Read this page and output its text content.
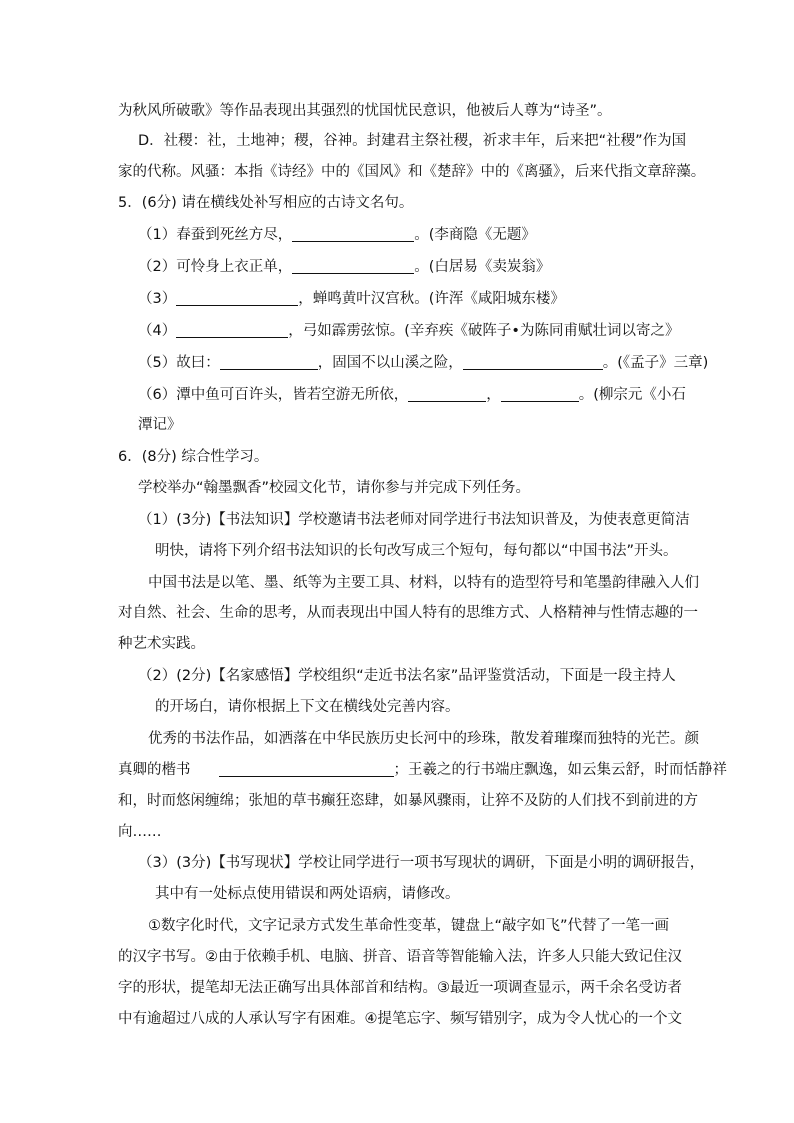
为秋风所破歌》等作品表现出其强烈的忧国忧民意识，他被后人尊为“诗圣”。
D．社稷：社，土地神；稷，谷神。封建君主祭社稷，祈求丰年，后来把“社稷”作为国
家的代称。风骚：本指《诗经》中的《国风》和《楚辞》中的《离骚》，后来代指文章辞藻。
5．(6分) 请在横线处补写相应的古诗文名句。
（1）春蚕到死丝方尽，	。(李商隐《无题》
（2）可怜身上衣正单，	。(白居易《卖炭翁》
（3）	，蝉鸣黄叶汉宫秋。(许浑《咸阳城东楼》
（4）	，弓如霹雳弦惊。(辛弃疾《破阵子•为陈同甫赋壮词以寄之》
（5）故曰：	，固国不以山溪之险，	。(《孟子》三章)
（6）潭中鱼可百许头，皆若空游无所依，	，	。(柳宗元《小石
潭记》
6．(8分) 综合性学习。
学校举办“翰墨飘香”校园文化节，请你参与并完成下列任务。
（1）(3分)【书法知识】学校邀请书法老师对同学进行书法知识普及，为使表意更简洁
明快，请将下列介绍书法知识的长句改写成三个短句，每句都以“中国书法”开头。
中国书法是以笔、墨、纸等为主要工具、材料，以特有的造型符号和笔墨韵律融入人们
对自然、社会、生命的思考，从而表现出中国人特有的思维方式、人格精神与性情志趣的一
种艺术实践。
（2）(2分)【名家感悟】学校组织“走近书法名家”品评鉴赏活动，下面是一段主持人
的开场白，请你根据上下文在横线处完善内容。
优秀的书法作品，如洒落在中华民族历史长河中的珍珠，散发着璀璨而独特的光芒。颜
真卿的楷书	；王羲之的行书端庄飘逸，如云集云舒，时而恬静祥
和，时而悠闲缠绵；张旭的草书癫狂恣肆，如暴风骤雨，让猝不及防的人们找不到前进的方
向……
（3）(3分)【书写现状】学校让同学进行一项书写现状的调研，下面是小明的调研报告，
其中有一处标点使用错误和两处语病，请修改。
①数字化时代，文字记录方式发生革命性变革，键盘上“敲字如飞”代替了一笔一画
的汉字书写。②由于依赖手机、电脑、拼音、语音等智能输入法，许多人只能大致记住汉
字的形状，提笔却无法正确写出具体部首和结构。③最近一项调查显示，两千余名受访者
中有逾超过八成的人承认写字有困难。④提笔忘字、频写错别字，成为令人忧心的一个文
